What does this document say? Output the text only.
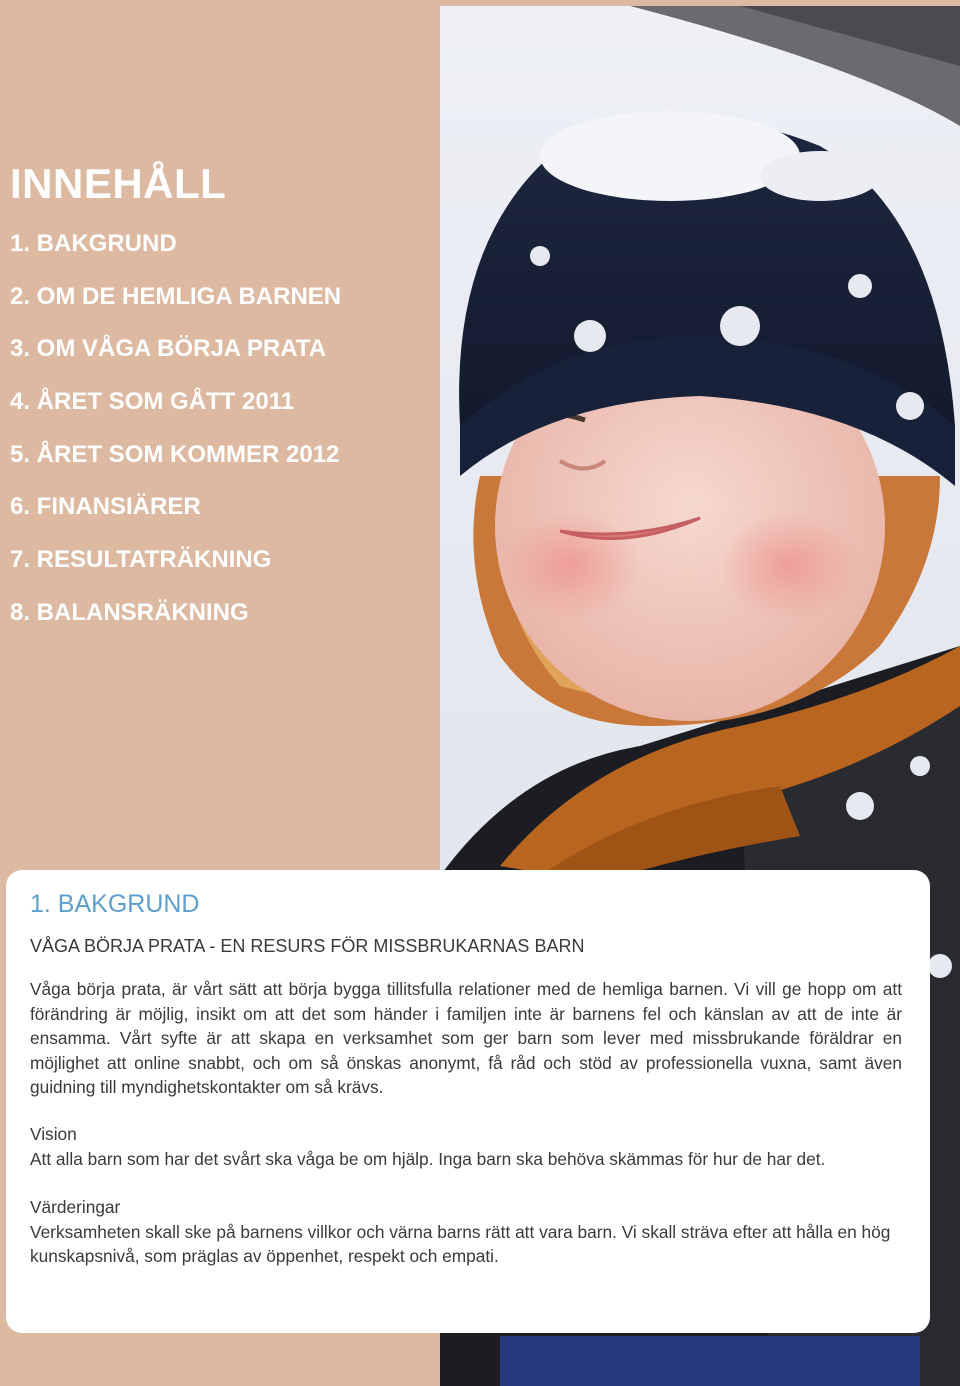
INNEHÅLL
1. BAKGRUND
2. OM DE HEMLIGA BARNEN
3. OM VÅGA BÖRJA PRATA
4. ÅRET SOM GÅTT 2011
5. ÅRET SOM KOMMER 2012
6. FINANSIÄRER
7. RESULTATRÄKNING
8. BALANSRÄKNING
1. BAKGRUND
VÅGA BÖRJA PRATA - EN RESURS FÖR MISSBRUKARNAS BARN

Våga börja prata, är vårt sätt att börja bygga tillitsfulla relationer med de hemliga barnen. Vi vill ge hopp om att förändring är möjlig, insikt om att det som händer i familjen inte är barnens fel och känslan av att de inte är ensamma. Vårt syfte är att skapa en verksamhet som ger barn som lever med missbrukande föräldrar en möjlighet att online snabbt, och om så önskas anonymt, få råd och stöd av professionella vuxna, samt även guidning till myndighetskontakter om så krävs.

Vision

Att alla barn som har det svårt ska våga be om hjälp. Inga barn ska behöva skämmas för hur de har det.

Värderingar

Verksamheten skall ske på barnens villkor och värna barns rätt att vara barn. Vi skall sträva efter att hålla en hög kunskapsnivå, som präglas av öppenhet, respekt och empati.
